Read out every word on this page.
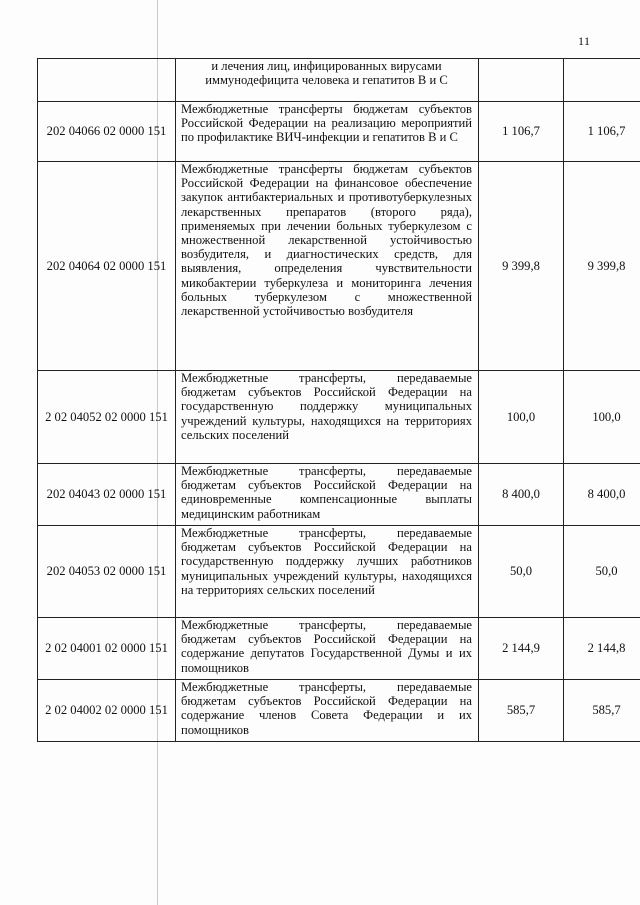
11
	и лечения лиц, инфицированных вирусами иммунодефицита человека и гепатитов В и С		
202 04066 02 0000 151	Межбюджетные трансферты бюджетам субъектов Российской Федерации на реализацию мероприятий по профилактике ВИЧ-инфекции и гепатитов В и С	1 106,7	1 106,7
202 04064 02 0000 151	Межбюджетные трансферты бюджетам субъектов Российской Федерации на финансовое обеспечение закупок антибактериальных и противотуберкулезных лекарственных препаратов (второго ряда), применяемых при лечении больных туберкулезом с множественной лекарственной устойчивостью возбудителя, и диагностических средств, для выявления, определения чувствительности микобактерии туберкулеза и мониторинга лечения больных туберкулезом с множественной лекарственной устойчивостью возбудителя	9 399,8	9 399,8
2 02 04052 02 0000 151	Межбюджетные трансферты, передаваемые бюджетам субъектов Российской Федерации на государственную поддержку муниципальных учреждений культуры, находящихся на территориях сельских поселений	100,0	100,0
202 04043 02 0000 151	Межбюджетные трансферты, передаваемые бюджетам субъектов Российской Федерации на единовременные компенсационные выплаты медицинским работникам	8 400,0	8 400,0
202 04053 02 0000 151	Межбюджетные трансферты, передаваемые бюджетам субъектов Российской Федерации на государственную поддержку лучших работников муниципальных учреждений культуры, находящихся на территориях сельских поселений	50,0	50,0
2 02 04001 02 0000 151	Межбюджетные трансферты, передаваемые бюджетам субъектов Российской Федерации на содержание депутатов Государственной Думы и их помощников	2 144,9	2 144,8
2 02 04002 02 0000 151	Межбюджетные трансферты, передаваемые бюджетам субъектов Российской Федерации на содержание членов Совета Федерации и их помощников	585,7	585,7
